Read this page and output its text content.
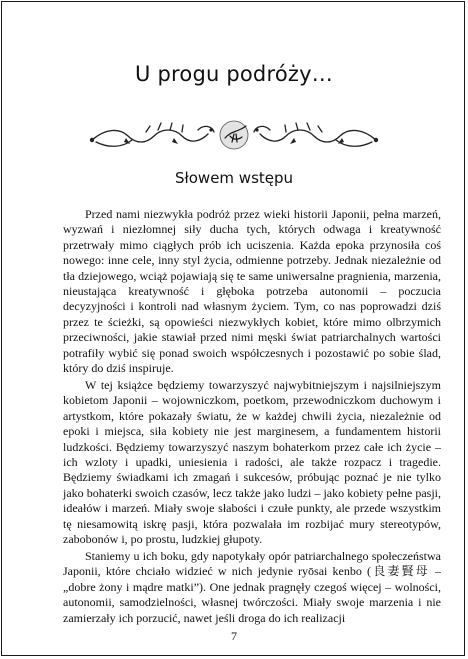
U progu podróży…
Słowem wstępu

Przed nami niezwykła podróż przez wieki historii Japonii, pełna marzeń, wyzwań i niezłomnej siły ducha tych, których odwaga i kreatywność przetrwały mimo ciągłych prób ich uciszenia. Każda epoka przynosiła coś nowego: inne cele, inny styl życia, odmienne potrzeby. Jednak niezależnie od tła dziejowego, wciąż pojawiają się te same uniwersalne pragnienia, marzenia, nieustająca kreatywność i głęboka potrzeba autonomii – poczucia decyzyjności i kontroli nad własnym życiem. Tym, co nas poprowadzi dziś przez te ścieżki, są opowieści niezwykłych kobiet, które mimo olbrzymich przeciwności, jakie stawiał przed nimi męski świat patriarchalnych wartości potrafiły wybić się ponad swoich współczesnych i pozostawić po sobie ślad, który do dziś inspiruje.

W tej książce będziemy towarzyszyć najwybitniejszym i najsilniejszym kobietom Japonii – wojowniczkom, poetkom, przewodniczkom duchowym i artystkom, które pokazały światu, że w każdej chwili życia, niezależnie od epoki i miejsca, siła kobiety nie jest marginesem, a fundamentem historii ludzkości. Będziemy towarzyszyć naszym bohaterkom przez całe ich życie – ich wzloty i upadki, uniesienia i radości, ale także rozpacz i tragedie. Będziemy świadkami ich zmagań i sukcesów, próbując poznać je nie tylko jako bohaterki swoich czasów, lecz także jako ludzi – jako kobiety pełne pasji, ideałów i marzeń. Miały swoje słabości i czułe punkty, ale przede wszystkim tę niesamowitą iskrę pasji, która pozwalała im rozbijać mury stereotypów, zabobonów i, po prostu, ludzkiej głupoty.

Staniemy u ich boku, gdy napotykały opór patriarchalnego społeczeństwa Japonii, które chciało widzieć w nich jedynie ryōsai kenbo (良妻賢母 – „dobre żony i mądre matki”). One jednak pragnęły czegoś więcej – wolności, autonomii, samodzielności, własnej twórczości. Miały swoje marzenia i nie zamierzały ich porzucić, nawet jeśli droga do ich realizacji

7
